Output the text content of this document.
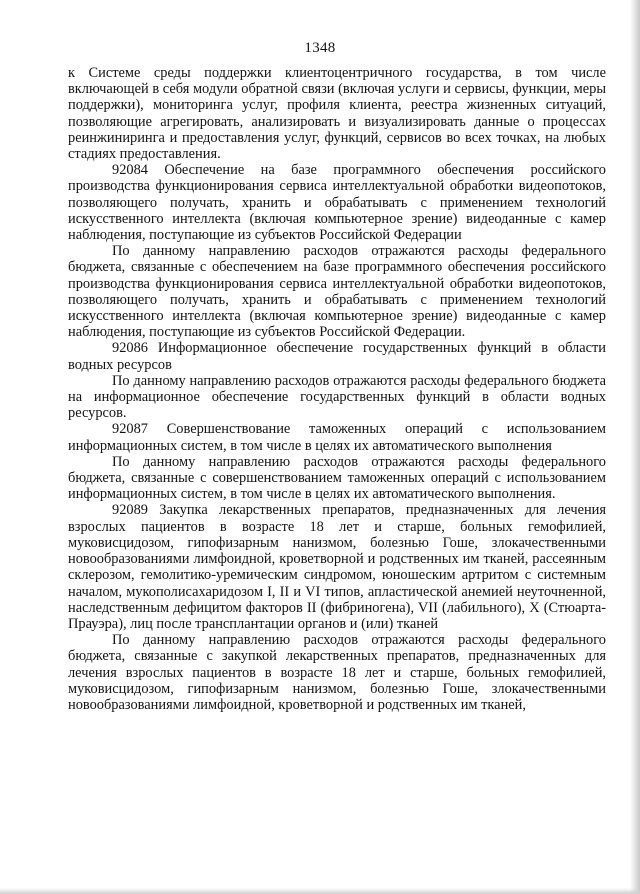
1348

к Системе среды поддержки клиентоцентричного государства, в том числе включающей в себя модули обратной связи (включая услуги и сервисы, функции, меры поддержки), мониторинга услуг, профиля клиента, реестра жизненных ситуаций, позволяющие агрегировать, анализировать и визуализировать данные о процессах реинжиниринга и предоставления услуг, функций, сервисов во всех точках, на любых стадиях предоставления.

92084 Обеспечение на базе программного обеспечения российского производства функционирования сервиса интеллектуальной обработки видеопотоков, позволяющего получать, хранить и обрабатывать с применением технологий искусственного интеллекта (включая компьютерное зрение) видеоданные с камер наблюдения, поступающие из субъектов Российской Федерации

По данному направлению расходов отражаются расходы федерального бюджета, связанные с обеспечением на базе программного обеспечения российского производства функционирования сервиса интеллектуальной обработки видеопотоков, позволяющего получать, хранить и обрабатывать с применением технологий искусственного интеллекта (включая компьютерное зрение) видеоданные с камер наблюдения, поступающие из субъектов Российской Федерации.

92086 Информационное обеспечение государственных функций в области водных ресурсов

По данному направлению расходов отражаются расходы федерального бюджета на информационное обеспечение государственных функций в области водных ресурсов.

92087 Совершенствование таможенных операций с использованием информационных систем, в том числе в целях их автоматического выполнения

По данному направлению расходов отражаются расходы федерального бюджета, связанные с совершенствованием таможенных операций с использованием информационных систем, в том числе в целях их автоматического выполнения.

92089 Закупка лекарственных препаратов, предназначенных для лечения взрослых пациентов в возрасте 18 лет и старше, больных гемофилией, муковисцидозом, гипофизарным нанизмом, болезнью Гоше, злокачественными новообразованиями лимфоидной, кроветворной и родственных им тканей, рассеянным склерозом, гемолитико-уремическим синдромом, юношеским артритом с системным началом, мукополисахаридозом I, II и VI типов, апластической анемией неуточненной, наследственным дефицитом факторов II (фибриногена), VII (лабильного), X (Стюарта-Прауэра), лиц после трансплантации органов и (или) тканей

По данному направлению расходов отражаются расходы федерального бюджета, связанные с закупкой лекарственных препаратов, предназначенных для лечения взрослых пациентов в возрасте 18 лет и старше, больных гемофилией, муковисцидозом, гипофизарным нанизмом, болезнью Гоше, злокачественными новообразованиями лимфоидной, кроветворной и родственных им тканей,
